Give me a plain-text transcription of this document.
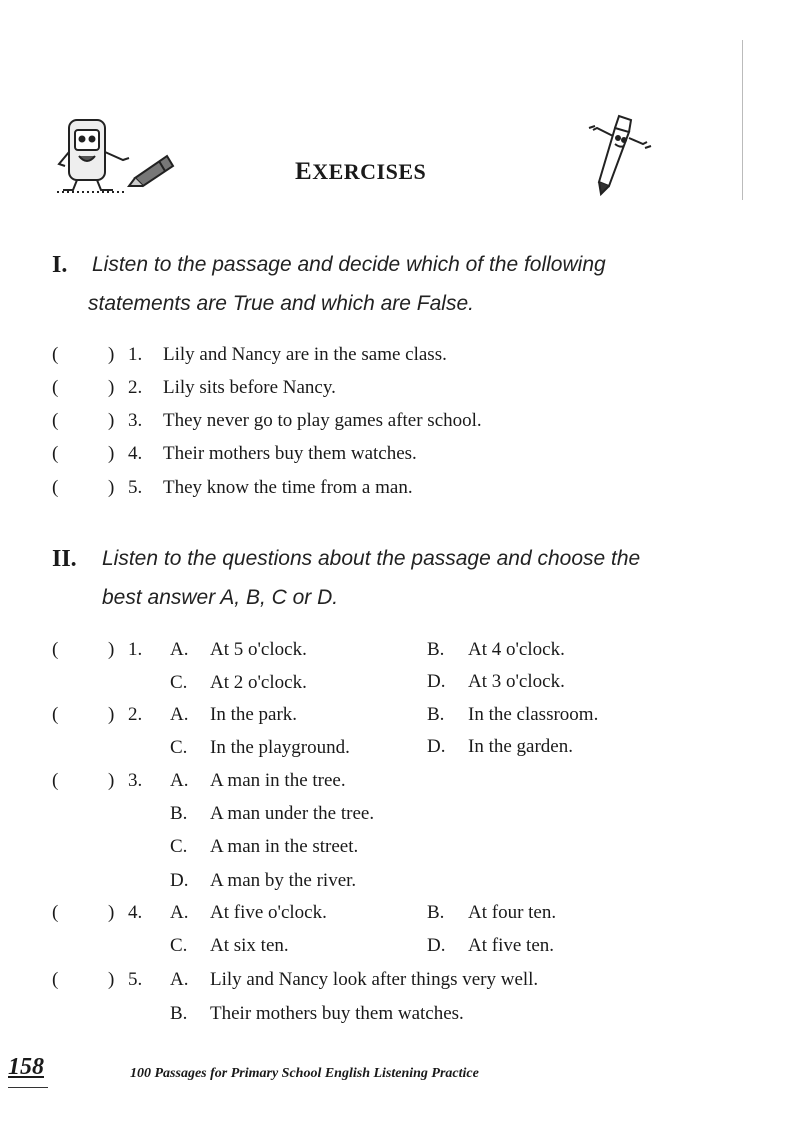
EXERCISES
I. Listen to the passage and decide which of the following
statements are True and which are False.
(	) 1. Lily and Nancy are in the same class.
(	) 2. Lily sits before Nancy.
(	) 3. They never go to play games after school.
(	) 4. Their mothers buy them watches.
(	) 5. They know the time from a man.
II. Listen to the questions about the passage and choose the
best answer A, B, C or D.
(	) 1. A. At 5 o'clock.	B. At 4 o'clock.
C. At 2 o'clock.	D. At 3 o'clock.
(	) 2. A. In the park.	B. In the classroom.
C. In the playground.	D. In the garden.
(	) 3. A. A man in the tree.
B. A man under the tree.
C. A man in the street.
D. A man by the river.
(	) 4. A. At five o'clock.	B. At four ten.
C. At six ten.	D. At five ten.
(	) 5. A. Lily and Nancy look after things very well.
B. Their mothers buy them watches.
158	100 Passages for Primary School English Listening Practice
